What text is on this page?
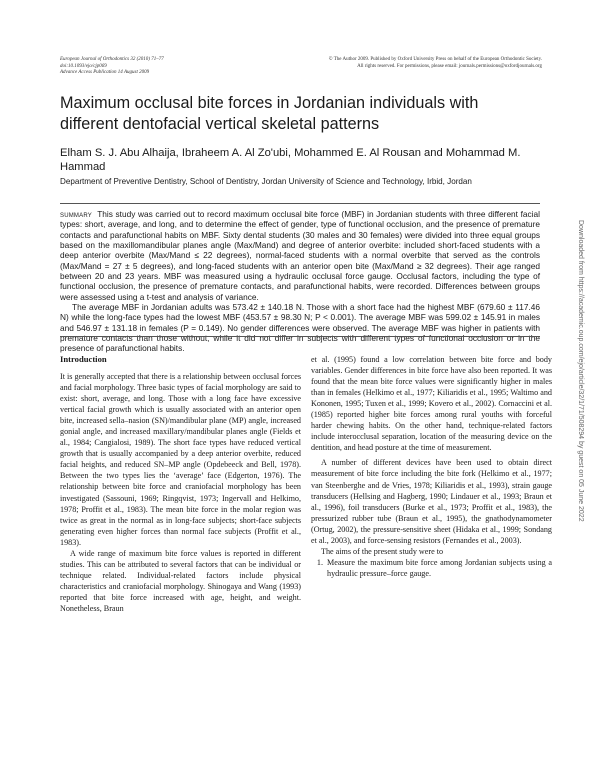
European Journal of Orthodontics 32 (2010) 71–77
doi:10.1093/ejo/cjp069
Advance Access Publication 14 August 2009
© The Author 2009. Published by Oxford University Press on behalf of the European Orthodontic Society.
All rights reserved. For permissions, please email: journals.permissions@oxfordjournals.org
Maximum occlusal bite forces in Jordanian individuals with different dentofacial vertical skeletal patterns
Elham S. J. Abu Alhaija, Ibraheem A. Al Zo'ubi, Mohammed E. Al Rousan and Mohammad M. Hammad
Department of Preventive Dentistry, School of Dentistry, Jordan University of Science and Technology, Irbid, Jordan

summary This study was carried out to record maximum occlusal bite force (MBF) in Jordanian students with three different facial types: short, average, and long, and to determine the effect of gender, type of functional occlusion, and the presence of premature contacts and parafunctional habits on MBF. Sixty dental students (30 males and 30 females) were divided into three equal groups based on the maxillomandibular planes angle (Max/Mand) and degree of anterior overbite: included short-faced students with a deep anterior overbite (Max/Mand ≤ 22 degrees), normal-faced students with a normal overbite that served as the controls (Max/Mand = 27 ± 5 degrees), and long-faced students with an anterior open bite (Max/Mand ≥ 32 degrees). Their age ranged between 20 and 23 years. MBF was measured using a hydraulic occlusal force gauge. Occlusal factors, including the type of functional occlusion, the presence of premature contacts, and parafunctional habits, were recorded. Differences between groups were assessed using a t-test and analysis of variance.

The average MBF in Jordanian adults was 573.42 ± 140.18 N. Those with a short face had the highest MBF (679.60 ± 117.46 N) while the long-face types had the lowest MBF (453.57 ± 98.30 N; P < 0.001). The average MBF was 599.02 ± 145.91 in males and 546.97 ± 131.18 in females (P = 0.149). No gender differences were observed. The average MBF was higher in patients with premature contacts than those without, while it did not differ in subjects with different types of functional occlusion or in the presence of parafunctional habits.

Introduction

It is generally accepted that there is a relationship between occlusal forces and facial morphology. Three basic types of facial morphology are said to exist: short, average, and long. Those with a long face have excessive vertical facial growth which is usually associated with an anterior open bite, increased sella–nasion (SN)/mandibular plane (MP) angle, increased gonial angle, and increased maxillary/mandibular planes angle (Fields et al., 1984; Cangialosi, 1989). The short face types have reduced vertical growth that is usually accompanied by a deep anterior overbite, reduced facial heights, and reduced SN–MP angle (Opdebeeck and Bell, 1978). Between the two types lies the ‘average’ face (Edgerton, 1976). The relationship between bite force and craniofacial morphology has been investigated (Sassouni, 1969; Ringqvist, 1973; Ingervall and Helkimo, 1978; Proffit et al., 1983). The mean bite force in the molar region was twice as great in the normal as in long-face subjects; short-face subjects generating even higher forces than normal face subjects (Proffit et al., 1983).

A wide range of maximum bite force values is reported in different studies. This can be attributed to several factors that can be individual or technique related. Individual-related factors include physical characteristics and craniofacial morphology. Shinogaya and Wang (1993) reported that bite force increased with age, height, and weight. Nonetheless, Braun

et al. (1995) found a low correlation between bite force and body variables. Gender differences in bite force have also been reported. It was found that the mean bite force values were significantly higher in males than in females (Helkimo et al., 1977; Kiliaridis et al., 1995; Waltimo and Kononen, 1995; Tuxen et al., 1999; Kovero et al., 2002). Cornaccini et al. (1985) reported higher bite forces among rural youths with forceful harder chewing habits. On the other hand, technique-related factors include interocclusal separation, location of the measuring device on the dentition, and head posture at the time of measurement.

A number of different devices have been used to obtain direct measurement of bite force including the bite fork (Helkimo et al., 1977; van Steenberghe and de Vries, 1978; Kiliaridis et al., 1993), strain gauge transducers (Hellsing and Hagberg, 1990; Lindauer et al., 1993; Braun et al., 1996), foil transducers (Burke et al., 1973; Proffit et al., 1983), the pressurized rubber tube (Braun et al., 1995), the gnathodynamometer (Ortug, 2002), the pressure-sensitive sheet (Hidaka et al., 1999; Sondang et al., 2003), and force-sensing resistors (Fernandes et al., 2003).

The aims of the present study were to

1. Measure the maximum bite force among Jordanian subjects using a hydraulic pressure–force gauge.
Downloaded from https://academic.oup.com/ejo/article/32/1/71/508294 by guest on 05 June 2022
